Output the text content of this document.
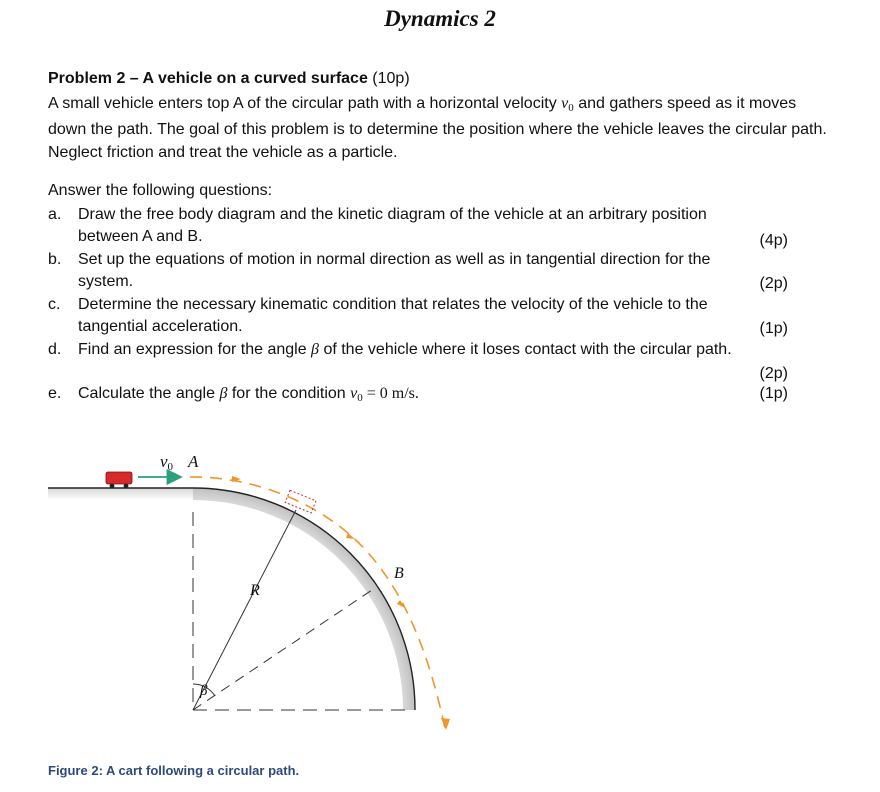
Dynamics 2
Problem 2 – A vehicle on a curved surface (10p)
A small vehicle enters top A of the circular path with a horizontal velocity v0 and gathers speed as it moves down the path. The goal of this problem is to determine the position where the vehicle leaves the circular path. Neglect friction and treat the vehicle as a particle.
Answer the following questions:
a. Draw the free body diagram and the kinetic diagram of the vehicle at an arbitrary position
between A and B.	(4p)
b. Set up the equations of motion in normal direction as well as in tangential direction for the
system.	(2p)
c. Determine the necessary kinematic condition that relates the velocity of the vehicle to the
tangential acceleration.	(1p)
d. Find an expression for the angle β of the vehicle where it loses contact with the circular path.
(2p)
e. Calculate the angle β for the condition v0 = 0 m/s.	(1p)
v0 A
B
R
β
Figure 2: A cart following a circular path.
